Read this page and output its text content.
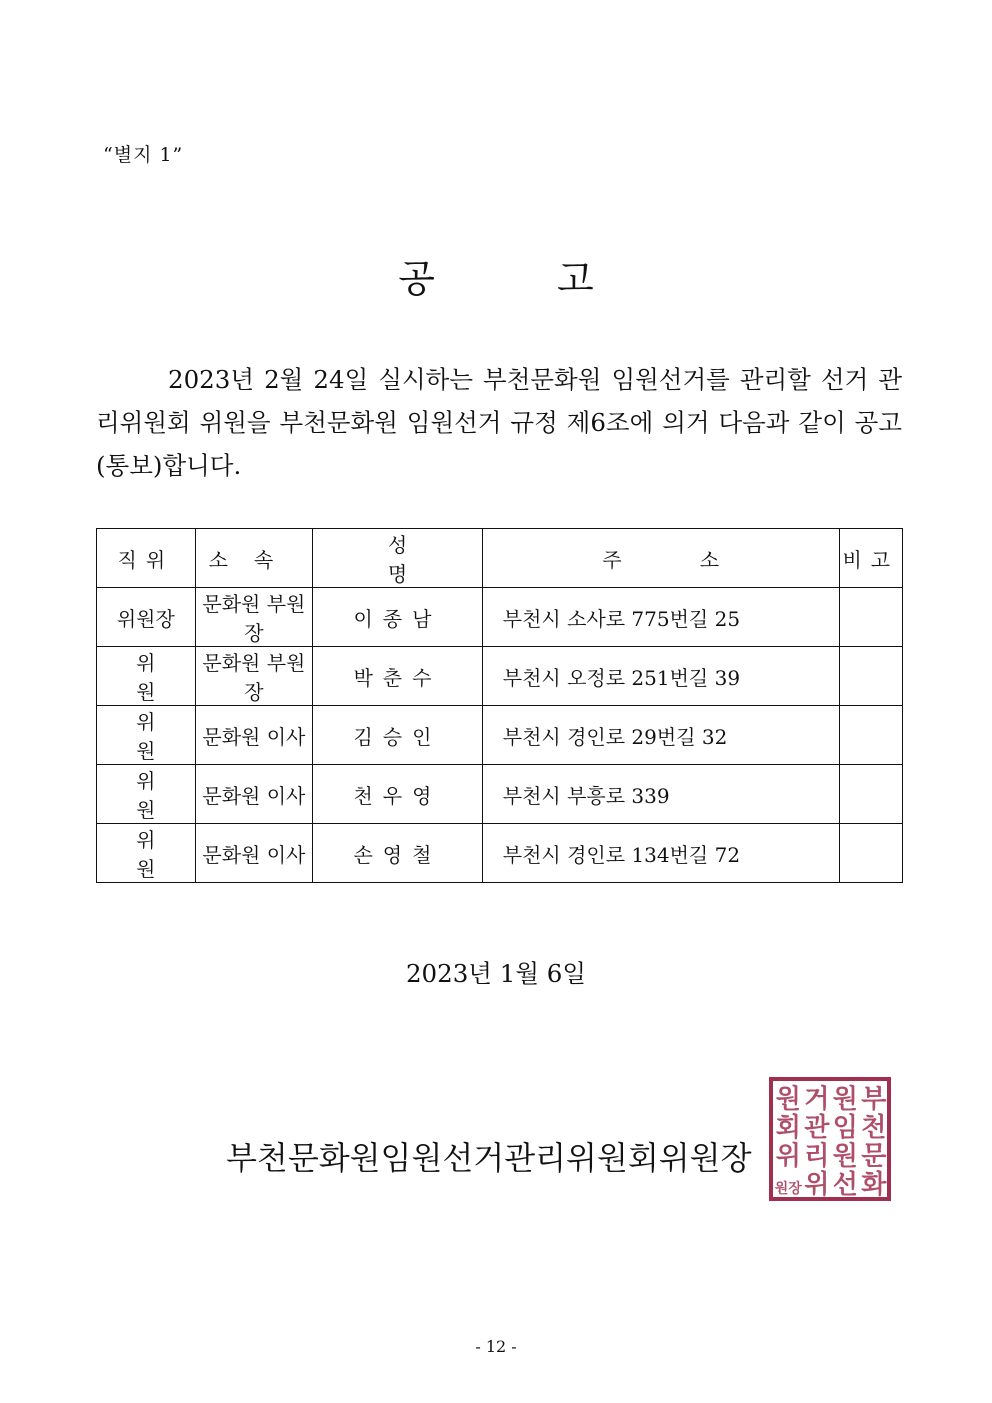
“별지 1”
공 고
2023년 2월 24일 실시하는 부천문화원 임원선거를 관리할 선거 관리위원회 위원을 부천문화원 임원선거 규정 제6조에 의거 다음과 같이 공고(통보)합니다.
직위	소속	성명	주소	비고
위원장	문화원 부원장	이종남	부천시 소사로 775번길 25	
위원	문화원 부원장	박춘수	부천시 오정로 251번길 39	
위원	문화원 이사	김승인	부천시 경인로 29번길 32	
위원	문화원 이사	천우영	부천시 부흥로 339	
위원	문화원 이사	손영철	부천시 경인로 134번길 72	
2023년 1월 6일
부천문화원임원선거관리위원회위원장
부
천
문
화
원
임
원
선
거
관
리
위
원
회
위
원장
- 12 -
